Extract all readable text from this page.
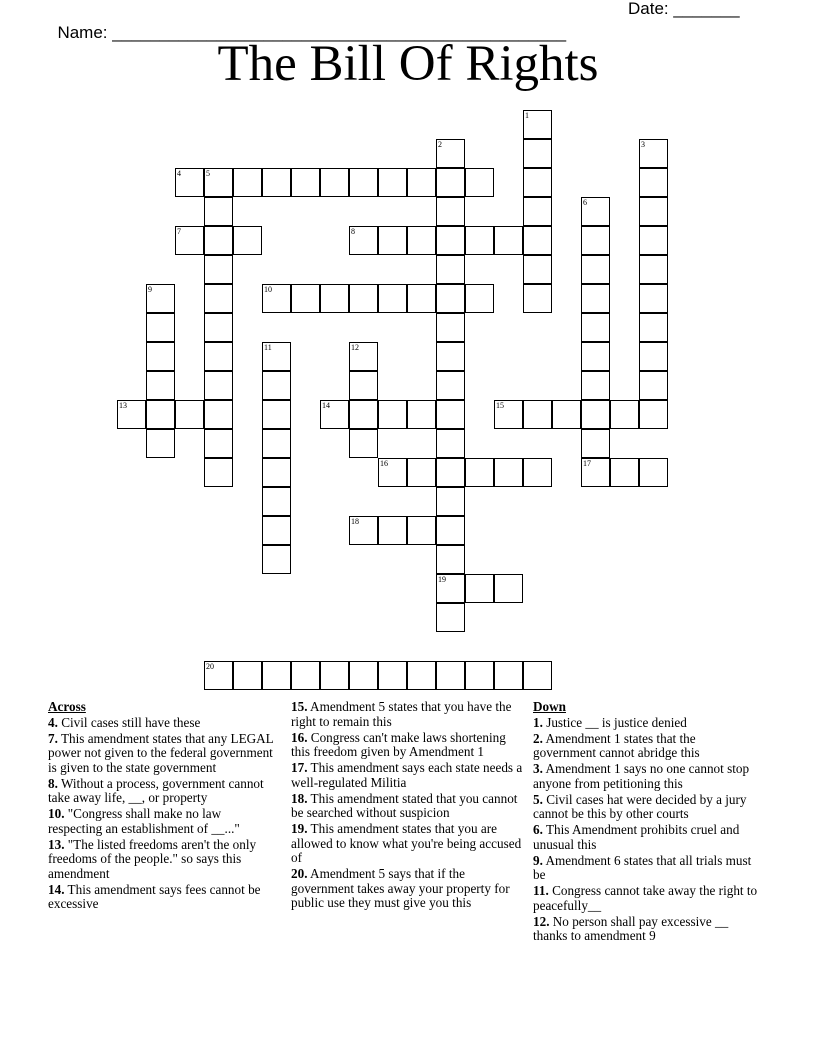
Name: ________________________________________________

Date: _______

The Bill Of Rights
1
2
19
3
4	5
6
17
7	8
9	10
11	12
13	14	15
16
18
20
Across
4. Civil cases still have these
7. This amendment states that any LEGAL power not given to the federal government is given to the state government
8. Without a process, government cannot take away life, __, or property
10. "Congress shall make no law respecting an establishment of __..."
13. "The listed freedoms aren't the only freedoms of the people." so says this amendment
14. This amendment says fees cannot be excessive
15. Amendment 5 states that you have the right to remain this
16. Congress can't make laws shortening this freedom given by Amendment 1
17. This amendment says each state needs a well-regulated Militia
18. This amendment stated that you cannot be searched without suspicion
19. This amendment states that you are allowed to know what you're being accused of
20. Amendment 5 says that if the government takes away your property for public use they must give you this
Down
1. Justice __ is justice denied
2. Amendment 1 states that the government cannot abridge this
3. Amendment 1 says no one cannot stop anyone from petitioning this
5. Civil cases hat were decided by a jury cannot be this by other courts
6. This Amendment prohibits cruel and unusual this
9. Amendment 6 states that all trials must be
11. Congress cannot take away the right to peacefully__
12. No person shall pay excessive __ thanks to amendment 9
